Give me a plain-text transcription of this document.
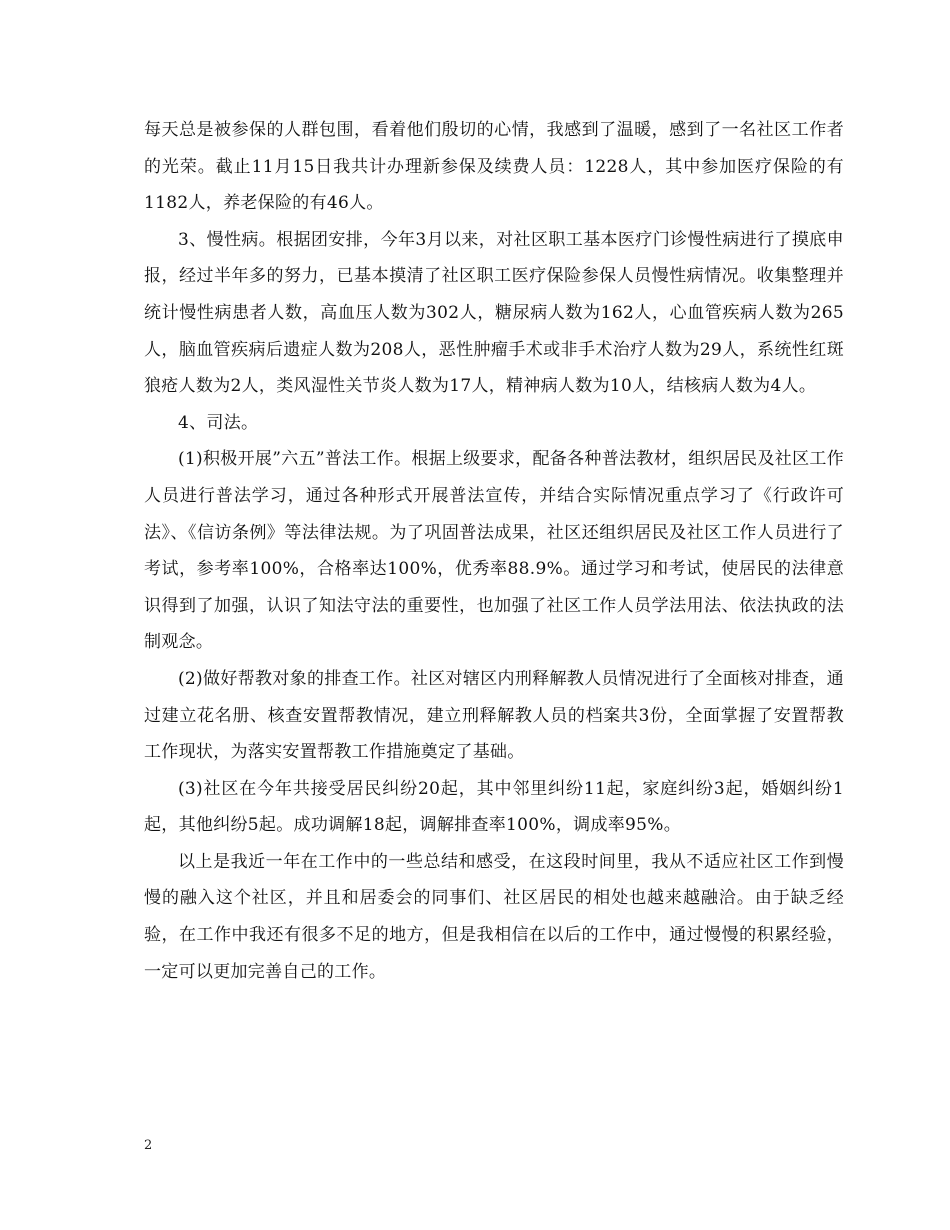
每天总是被参保的人群包围，看着他们殷切的心情，我感到了温暖，感到了一名社区工作者的光荣。截止11月15日我共计办理新参保及续费人员：1228人，其中参加医疗保险的有1182人，养老保险的有46人。

3、慢性病。根据团安排，今年3月以来，对社区职工基本医疗门诊慢性病进行了摸底申报，经过半年多的努力，已基本摸清了社区职工医疗保险参保人员慢性病情况。收集整理并统计慢性病患者人数，高血压人数为302人，糖尿病人数为162人，心血管疾病人数为265人，脑血管疾病后遗症人数为208人，恶性肿瘤手术或非手术治疗人数为29人，系统性红斑狼疮人数为2人，类风湿性关节炎人数为17人，精神病人数为10人，结核病人数为4人。

4、司法。

(1)积极开展”六五”普法工作。根据上级要求，配备各种普法教材，组织居民及社区工作人员进行普法学习，通过各种形式开展普法宣传，并结合实际情况重点学习了《行政许可法》、《信访条例》等法律法规。为了巩固普法成果，社区还组织居民及社区工作人员进行了考试，参考率100%，合格率达100%，优秀率88.9%。通过学习和考试，使居民的法律意识得到了加强，认识了知法守法的重要性，也加强了社区工作人员学法用法、依法执政的法制观念。

(2)做好帮教对象的排查工作。社区对辖区内刑释解教人员情况进行了全面核对排查，通过建立花名册、核查安置帮教情况，建立刑释解教人员的档案共3份，全面掌握了安置帮教工作现状，为落实安置帮教工作措施奠定了基础。

(3)社区在今年共接受居民纠纷20起，其中邻里纠纷11起，家庭纠纷3起，婚姻纠纷1起，其他纠纷5起。成功调解18起，调解排查率100%，调成率95%。

以上是我近一年在工作中的一些总结和感受，在这段时间里，我从不适应社区工作到慢慢的融入这个社区，并且和居委会的同事们、社区居民的相处也越来越融洽。由于缺乏经验，在工作中我还有很多不足的地方，但是我相信在以后的工作中，通过慢慢的积累经验，一定可以更加完善自己的工作。

2
